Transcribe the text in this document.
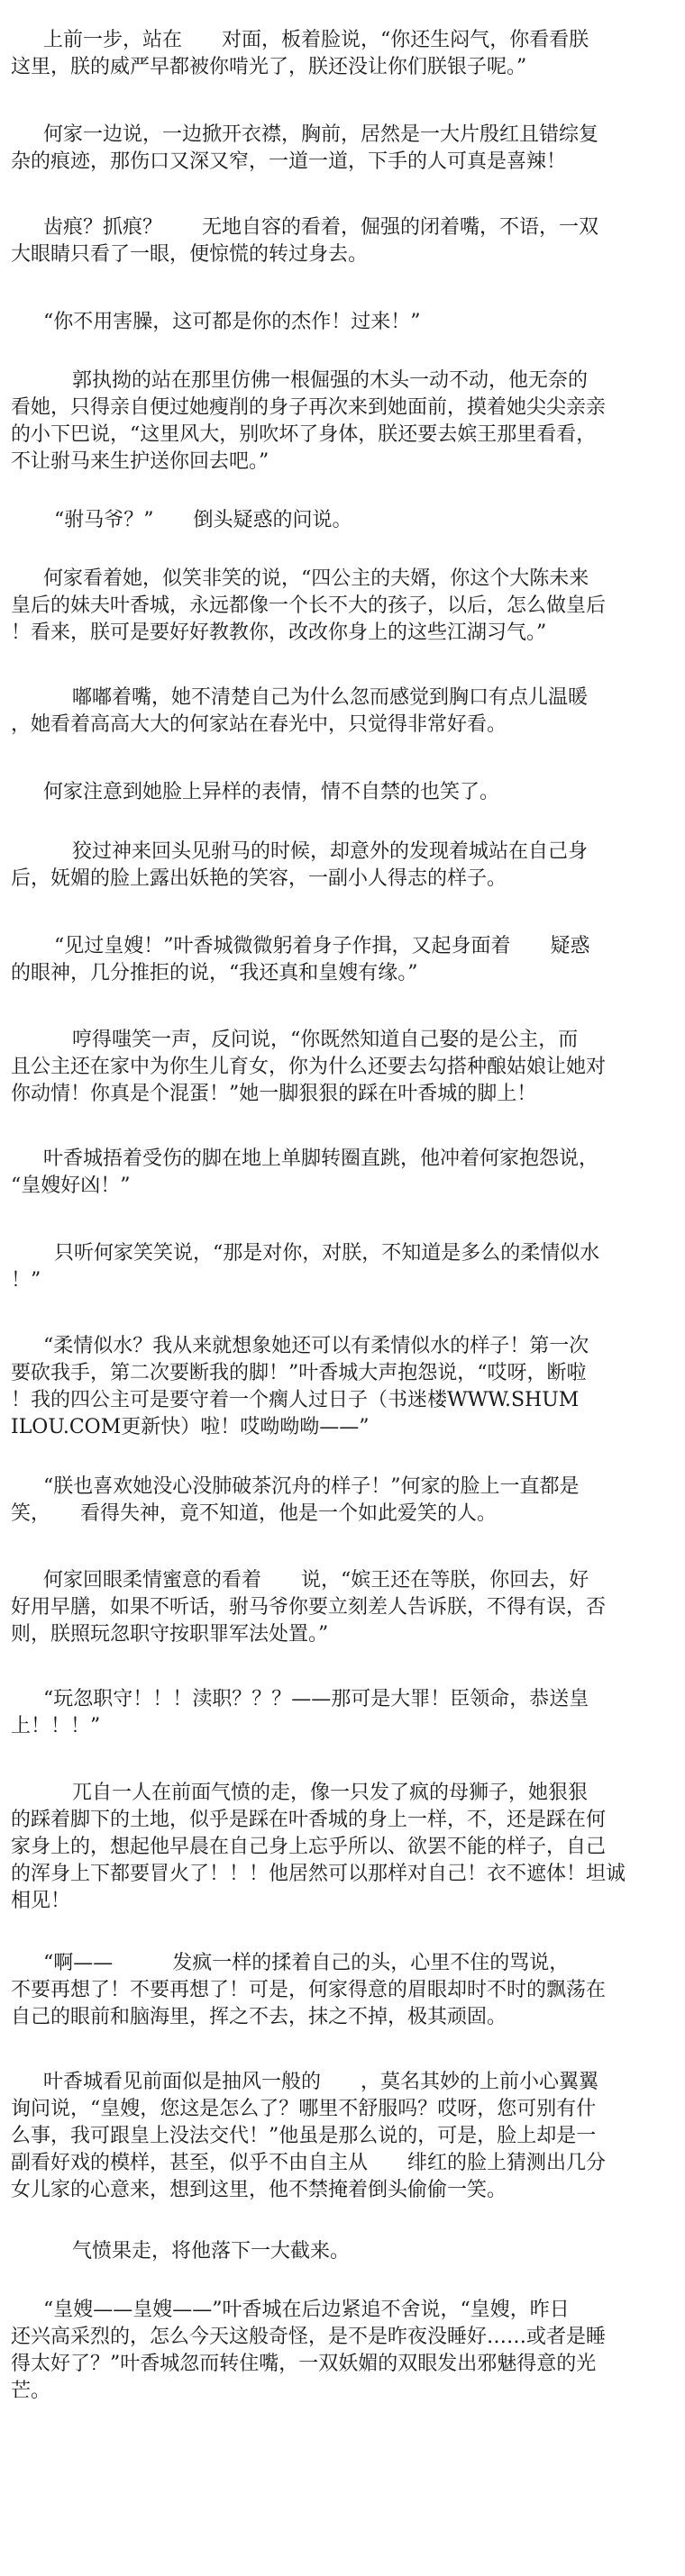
上前一步，站在　　对面，板着脸说，“你还生闷气，你看看朕
这里，朕的威严早都被你啃光了，朕还没让你们朕银子呢。”
何家一边说，一边掀开衣襟，胸前，居然是一大片殷红且错综复
杂的痕迹，那伤口又深又窄，一道一道，下手的人可真是喜辣！
齿痕？抓痕？　　无地自容的看着，倔强的闭着嘴，不语，一双
大眼睛只看了一眼，便惊慌的转过身去。
“你不用害臊，这可都是你的杰作！过来！”
郭执拗的站在那里仿佛一根倔强的木头一动不动，他无奈的
看她，只得亲自便过她瘦削的身子再次来到她面前，摸着她尖尖亲亲
的小下巴说，“这里风大，别吹坏了身体，朕还要去嫔王那里看看，
不让驸马来生护送你回去吧。”
“驸马爷？”　　倒头疑惑的问说。
何家看着她，似笑非笑的说，“四公主的夫婿，你这个大陈未来
皇后的妹夫叶香城，永远都像一个长不大的孩子，以后，怎么做皇后
！看来，朕可是要好好教教你，改改你身上的这些江湖习气。”
嘟嘟着嘴，她不清楚自己为什么忽而感觉到胸口有点儿温暖
，她看着高高大大的何家站在春光中，只觉得非常好看。
何家注意到她脸上异样的表情，情不自禁的也笑了。
狡过神来回头见驸马的时候，却意外的发现着城站在自己身
后，妩媚的脸上露出妖艳的笑容，一副小人得志的样子。
“见过皇嫂！”叶香城微微躬着身子作揖，又起身面着　　疑惑
的眼神，几分推拒的说，“我还真和皇嫂有缘。”
哼得嗤笑一声，反问说，“你既然知道自己娶的是公主，而
且公主还在家中为你生儿育女，你为什么还要去勾搭种酿姑娘让她对
你动情！你真是个混蛋！”她一脚狠狠的踩在叶香城的脚上！
叶香城捂着受伤的脚在地上单脚转圈直跳，他冲着何家抱怨说，
“皇嫂好凶！”
只听何家笑笑说，“那是对你，对朕，不知道是多么的柔情似水
！”
“柔情似水？我从来就想象她还可以有柔情似水的样子！第一次
要砍我手，第二次要断我的脚！”叶香城大声抱怨说，“哎呀，断啦
！我的四公主可是要守着一个瘸人过日子（书迷楼WWW.SHUM
ILOU.COM更新快）啦！哎呦呦呦——”
“朕也喜欢她没心没肺破茶沉舟的样子！”何家的脸上一直都是
笑，　　看得失神，竟不知道，他是一个如此爱笑的人。
何家回眼柔情蜜意的看着　　说，“嫔王还在等朕，你回去，好
好用早膳，如果不听话，驸马爷你要立刻差人告诉朕，不得有误，否
则，朕照玩忽职守按职罪军法处置。”
“玩忽职守！！！渎职？？？——那可是大罪！臣领命，恭送皇
上！！！”
兀自一人在前面气愤的走，像一只发了疯的母狮子，她狠狠
的踩着脚下的土地，似乎是踩在叶香城的身上一样，不，还是踩在何
家身上的，想起他早晨在自己身上忘乎所以、欲罢不能的样子，自己
的浑身上下都要冒火了！！！他居然可以那样对自己！衣不遮体！坦诚
相见！
“啊——　　　发疯一样的揉着自己的头，心里不住的骂说，
不要再想了！不要再想了！可是，何家得意的眉眼却时不时的飘荡在
自己的眼前和脑海里，挥之不去，抹之不掉，极其顽固。
叶香城看见前面似是抽风一般的　　，莫名其妙的上前小心翼翼
询问说，“皇嫂，您这是怎么了？哪里不舒服吗？哎呀，您可别有什
么事，我可跟皇上没法交代！”他虽是那么说的，可是，脸上却是一
副看好戏的模样，甚至，似乎不由自主从　　绯红的脸上猜测出几分
女儿家的心意来，想到这里，他不禁掩着倒头偷偷一笑。
气愤果走，将他落下一大截来。
“皇嫂——皇嫂——”叶香城在后边紧追不舍说，“皇嫂，昨日
还兴高采烈的，怎么今天这般奇怪，是不是昨夜没睡好……或者是睡
得太好了？”叶香城忽而转住嘴，一双妖媚的双眼发出邪魅得意的光
芒。
